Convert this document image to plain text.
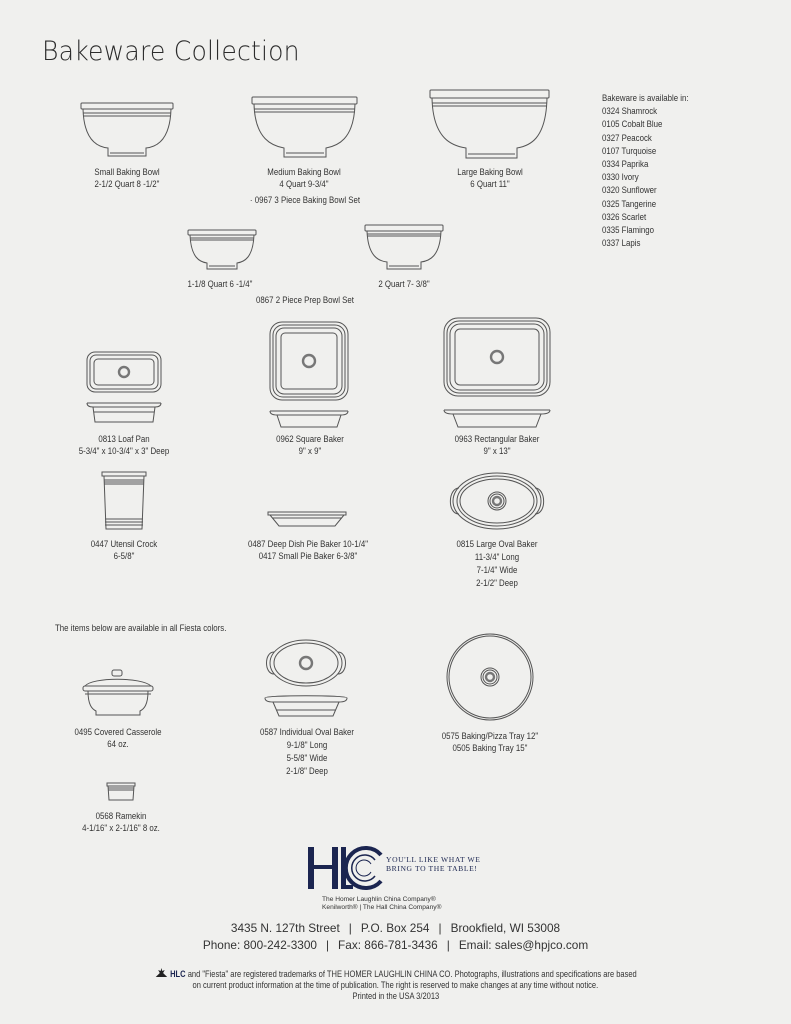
Bakeware Collection
Small Baking Bowl
2-1/2 Quart 8 -1/2"
Medium Baking Bowl
4 Quart 9-3/4"
· 0967 3 Piece Baking Bowl Set
Large Baking Bowl
6 Quart 11"
Bakeware is available in:
0324 Shamrock
0105 Cobalt Blue
0327 Peacock
0107 Turquoise
0334 Paprika
0330 Ivory
0320 Sunflower
0325 Tangerine
0326 Scarlet
0335 Flamingo
0337 Lapis
1-1/8 Quart 6 -1/4"	2 Quart 7- 3/8"
0867 2 Piece Prep Bowl Set
0813 Loaf Pan
5-3/4" x 10-3/4" x 3" Deep
0962 Square Baker
9" x 9"
0963 Rectangular Baker
9" x 13"
0447 Utensil Crock
6-5/8"
0487 Deep Dish Pie Baker 10-1/4"
0417 Small Pie Baker 6-3/8"
0815 Large Oval Baker
11-3/4" Long
7-1/4" Wide
2-1/2" Deep
The items below are available in all Fiesta colors.
0495 Covered Casserole
64 oz.
0587 Individual Oval Baker
9-1/8" Long
5-5/8" Wide
2-1/8" Deep
0575 Baking/Pizza Tray 12"
0505 Baking Tray 15"
0568 Ramekin
4-1/16" x 2-1/16" 8 oz.
YOU'LL LIKE WHAT WE
BRING TO THE TABLE!
The Homer Laughlin China Company®
Kenilworth® | The Hall China Company®
3435 N. 127th Street | P.O. Box 254 | Brookfield, WI 53008
Phone: 800-242-3300 | Fax: 866-781-3436 | Email: sales@hpjco.com
HLC and "Fiesta" are registered trademarks of THE HOMER LAUGHLIN CHINA CO. Photographs, illustrations and specifications are based
on current product information at the time of publication. The right is reserved to make changes at any time without notice.
Printed in the USA 3/2013
